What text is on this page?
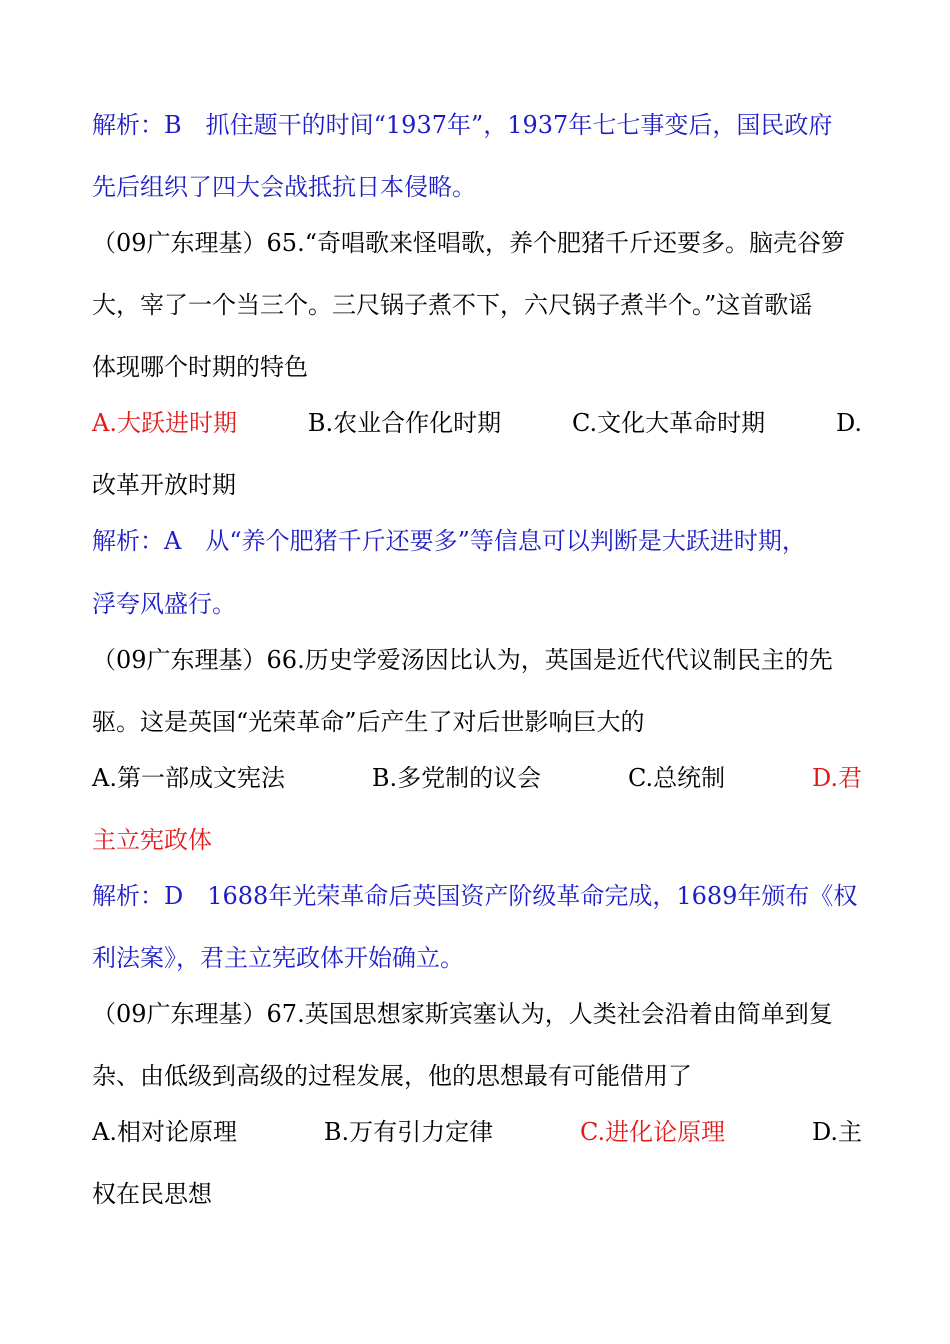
解析：B　抓住题干的时间“1937年”，1937年七七事变后，国民政府
先后组织了四大会战抵抗日本侵略。
（09广东理基）65.“奇唱歌来怪唱歌，养个肥猪千斤还要多。脑壳谷箩
大，宰了一个当三个。三尺锅子煮不下，六尺锅子煮半个。”这首歌谣
体现哪个时期的特色
A.大跃进时期	B.农业合作化时期	C.文化大革命时期	D.
改革开放时期
解析：A　从“养个肥猪千斤还要多”等信息可以判断是大跃进时期，
浮夸风盛行。
（09广东理基）66.历史学爱汤因比认为，英国是近代代议制民主的先
驱。这是英国“光荣革命”后产生了对后世影响巨大的
A.第一部成文宪法	B.多党制的议会	C.总统制	D.君
主立宪政体
解析：D　1688年光荣革命后英国资产阶级革命完成，1689年颁布《权
利法案》，君主立宪政体开始确立。
（09广东理基）67.英国思想家斯宾塞认为，人类社会沿着由简单到复
杂、由低级到高级的过程发展，他的思想最有可能借用了
A.相对论原理	B.万有引力定律	C.进化论原理	D.主
权在民思想
